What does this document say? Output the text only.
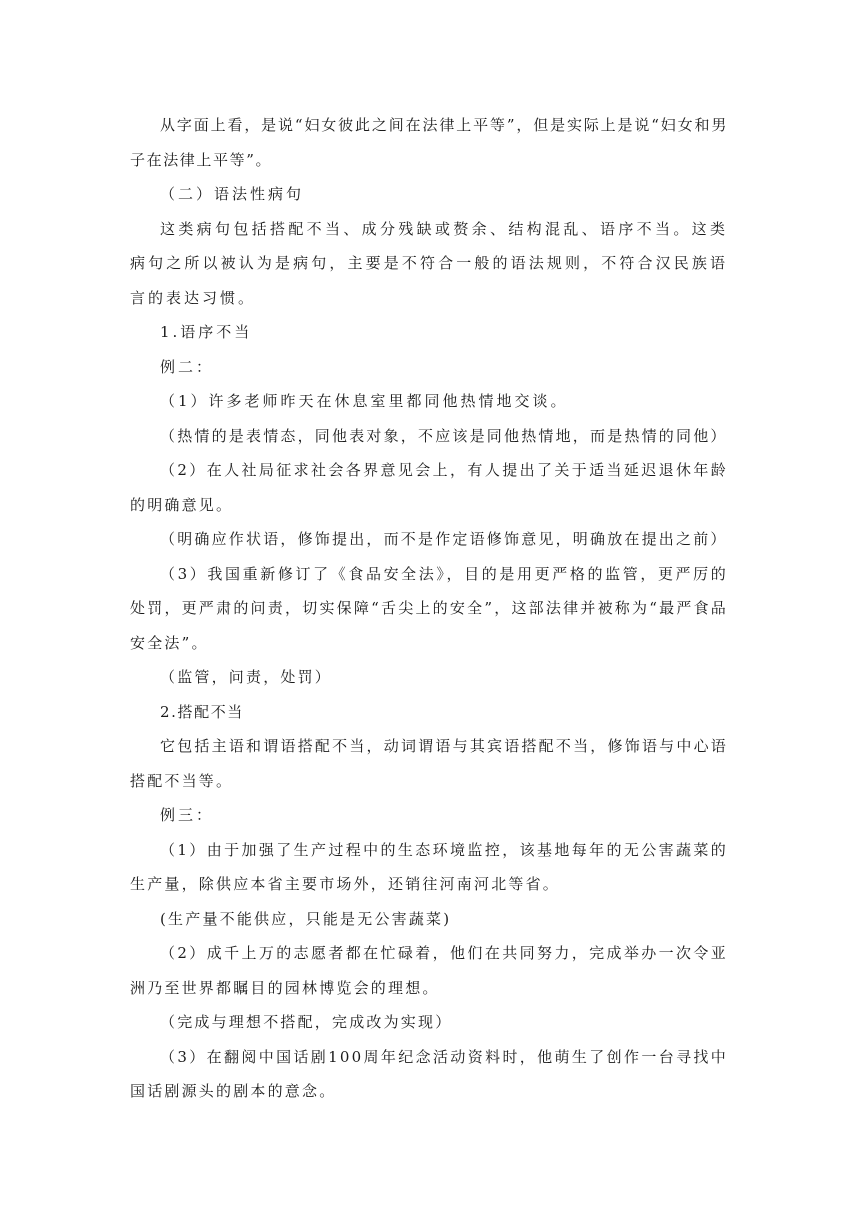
从字面上看，是说“妇女彼此之间在法律上平等”，但是实际上是说“妇女和男子在法律上平等”。

（二）语法性病句

这类病句包括搭配不当、成分残缺或赘余、结构混乱、语序不当。这类病句之所以被认为是病句，主要是不符合一般的语法规则，不符合汉民族语言的表达习惯。

1.语序不当

例二：

（1）许多老师昨天在休息室里都同他热情地交谈。

（热情的是表情态，同他表对象，不应该是同他热情地，而是热情的同他）

（2）在人社局征求社会各界意见会上，有人提出了关于适当延迟退休年龄的明确意见。

（明确应作状语，修饰提出，而不是作定语修饰意见，明确放在提出之前）

（3）我国重新修订了《食品安全法》，目的是用更严格的监管，更严厉的处罚，更严肃的问责，切实保障“舌尖上的安全”，这部法律并被称为“最严食品安全法”。

（监管，问责，处罚）

2.搭配不当

它包括主语和谓语搭配不当，动词谓语与其宾语搭配不当，修饰语与中心语搭配不当等。

例三：

（1）由于加强了生产过程中的生态环境监控，该基地每年的无公害蔬菜的生产量，除供应本省主要市场外，还销往河南河北等省。

(生产量不能供应，只能是无公害蔬菜)

（2）成千上万的志愿者都在忙碌着，他们在共同努力，完成举办一次令亚洲乃至世界都瞩目的园林博览会的理想。

（完成与理想不搭配，完成改为实现）

（3）在翻阅中国话剧100周年纪念活动资料时，他萌生了创作一台寻找中国话剧源头的剧本的意念。
